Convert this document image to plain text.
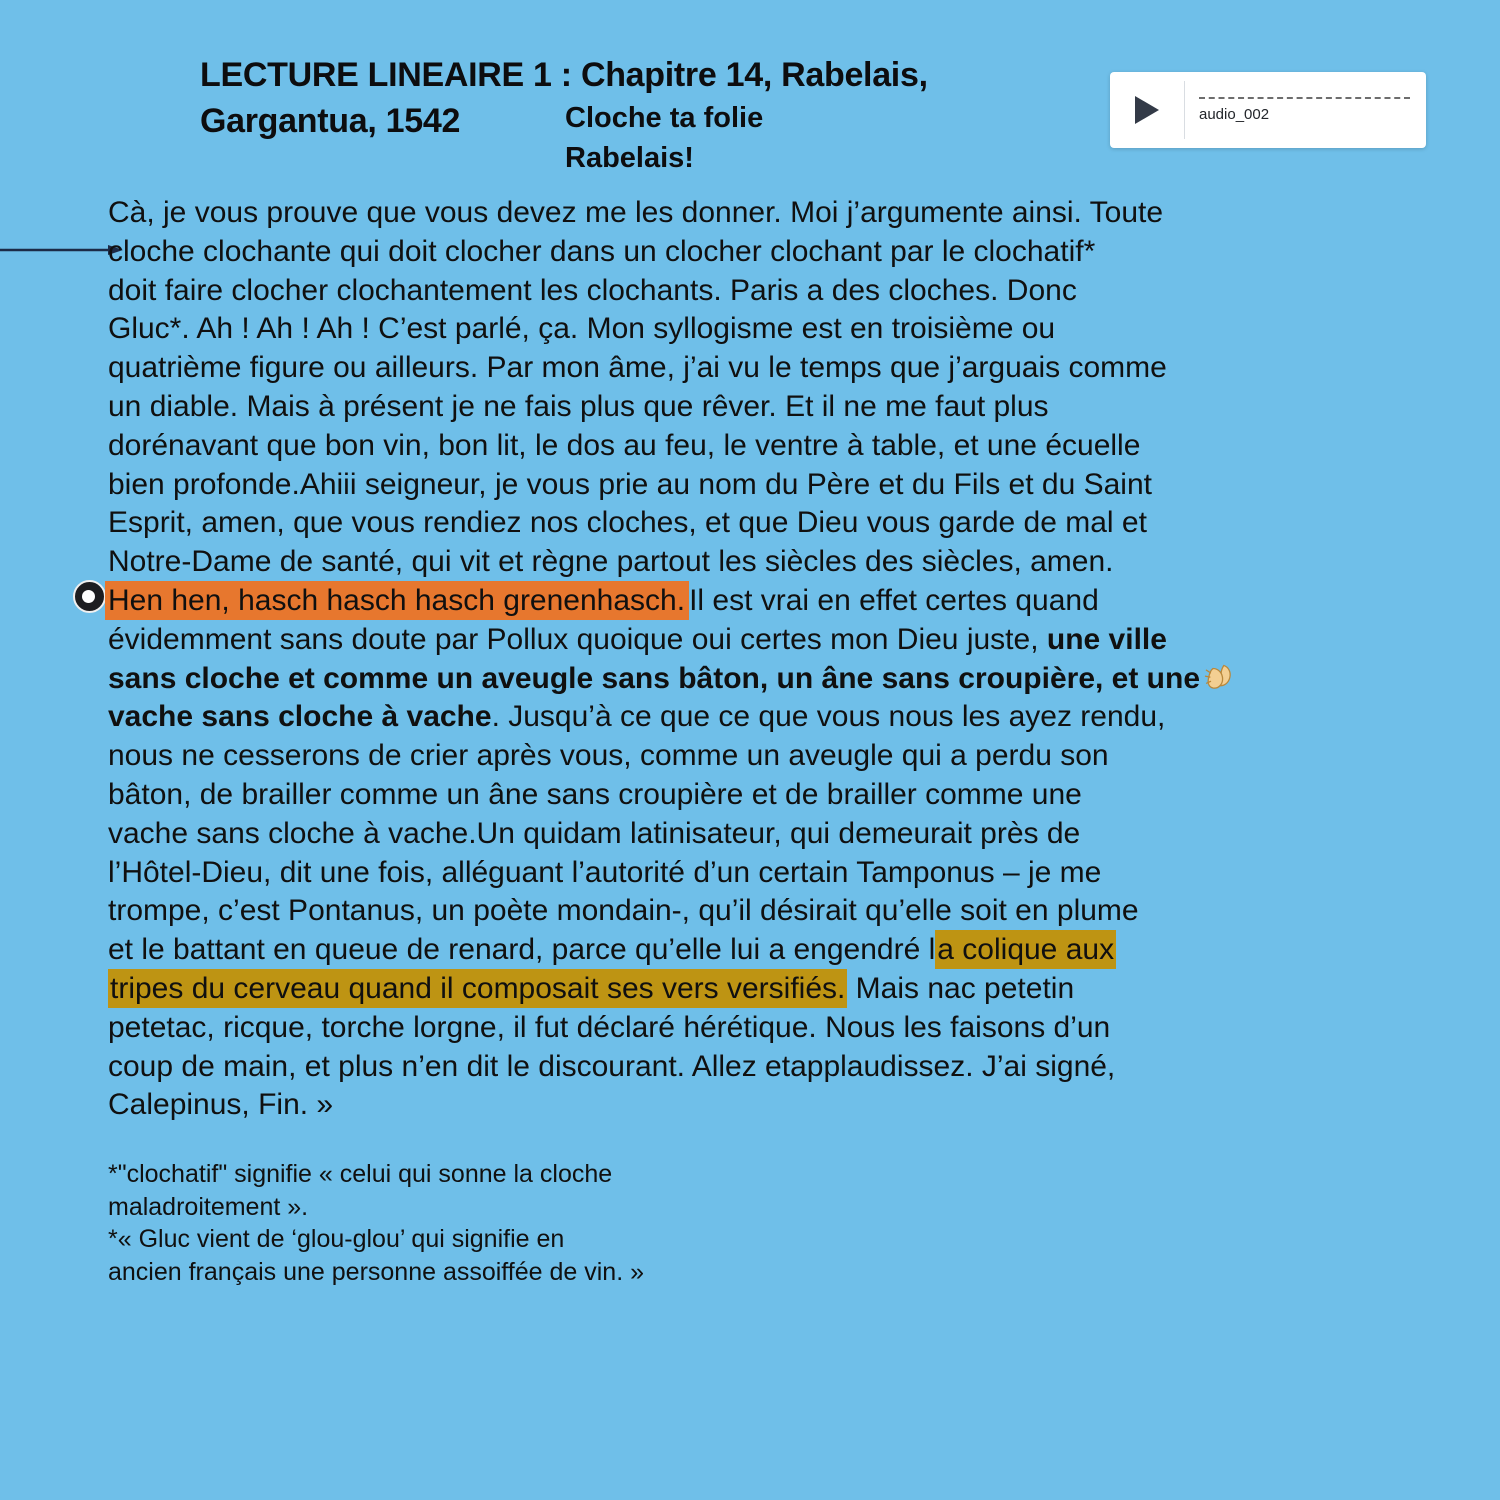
LECTURE LINEAIRE 1 : Chapitre 14, Rabelais,
Gargantua, 1542	Cloche ta folie
Rabelais!
audio_002
Cà, je vous prouve que vous devez me les donner. Moi j’argumente ainsi. Toute
cloche clochante qui doit clocher dans un clocher clochant par le clochatif*
doit faire clocher clochantement les clochants. Paris a des cloches. Donc
Gluc*. Ah ! Ah ! Ah ! C’est parlé, ça. Mon syllogisme est en troisième ou
quatrième figure ou ailleurs. Par mon âme, j’ai vu le temps que j’arguais comme
un diable. Mais à présent je ne fais plus que rêver. Et il ne me faut plus
dorénavant que bon vin, bon lit, le dos au feu, le ventre à table, et une écuelle
bien profonde.Ahiii seigneur, je vous prie au nom du Père et du Fils et du Saint
Esprit, amen, que vous rendiez nos cloches, et que Dieu vous garde de mal et
Notre-Dame de santé, qui vit et règne partout les siècles des siècles, amen.
Hen hen, hasch hasch hasch grenenhasch. Il est vrai en effet certes quand
évidemment sans doute par Pollux quoique oui certes mon Dieu juste, une ville
sans cloche et comme un aveugle sans bâton, un âne sans croupière, et une
vache sans cloche à vache. Jusqu’à ce que ce que vous nous les ayez rendu,
nous ne cesserons de crier après vous, comme un aveugle qui a perdu son
bâton, de brailler comme un âne sans croupière et de brailler comme une
vache sans cloche à vache.Un quidam latinisateur, qui demeurait près de
l’Hôtel-Dieu, dit une fois, alléguant l’autorité d’un certain Tamponus – je me
trompe, c’est Pontanus, un poète mondain-, qu’il désirait qu’elle soit en plume
et le battant en queue de renard, parce qu’elle lui a engendré la colique aux
tripes du cerveau quand il composait ses vers versifiés. Mais nac petetin
petetac, ricque, torche lorgne, il fut déclaré hérétique. Nous les faisons d’un
coup de main, et plus n’en dit le discourant. Allez etapplaudissez. J’ai signé,
Calepinus, Fin. »
*"clochatif" signifie « celui qui sonne la cloche
maladroitement ».
*« Gluc vient de ‘glou-glou’ qui signifie en
ancien français une personne assoiffée de vin. »
